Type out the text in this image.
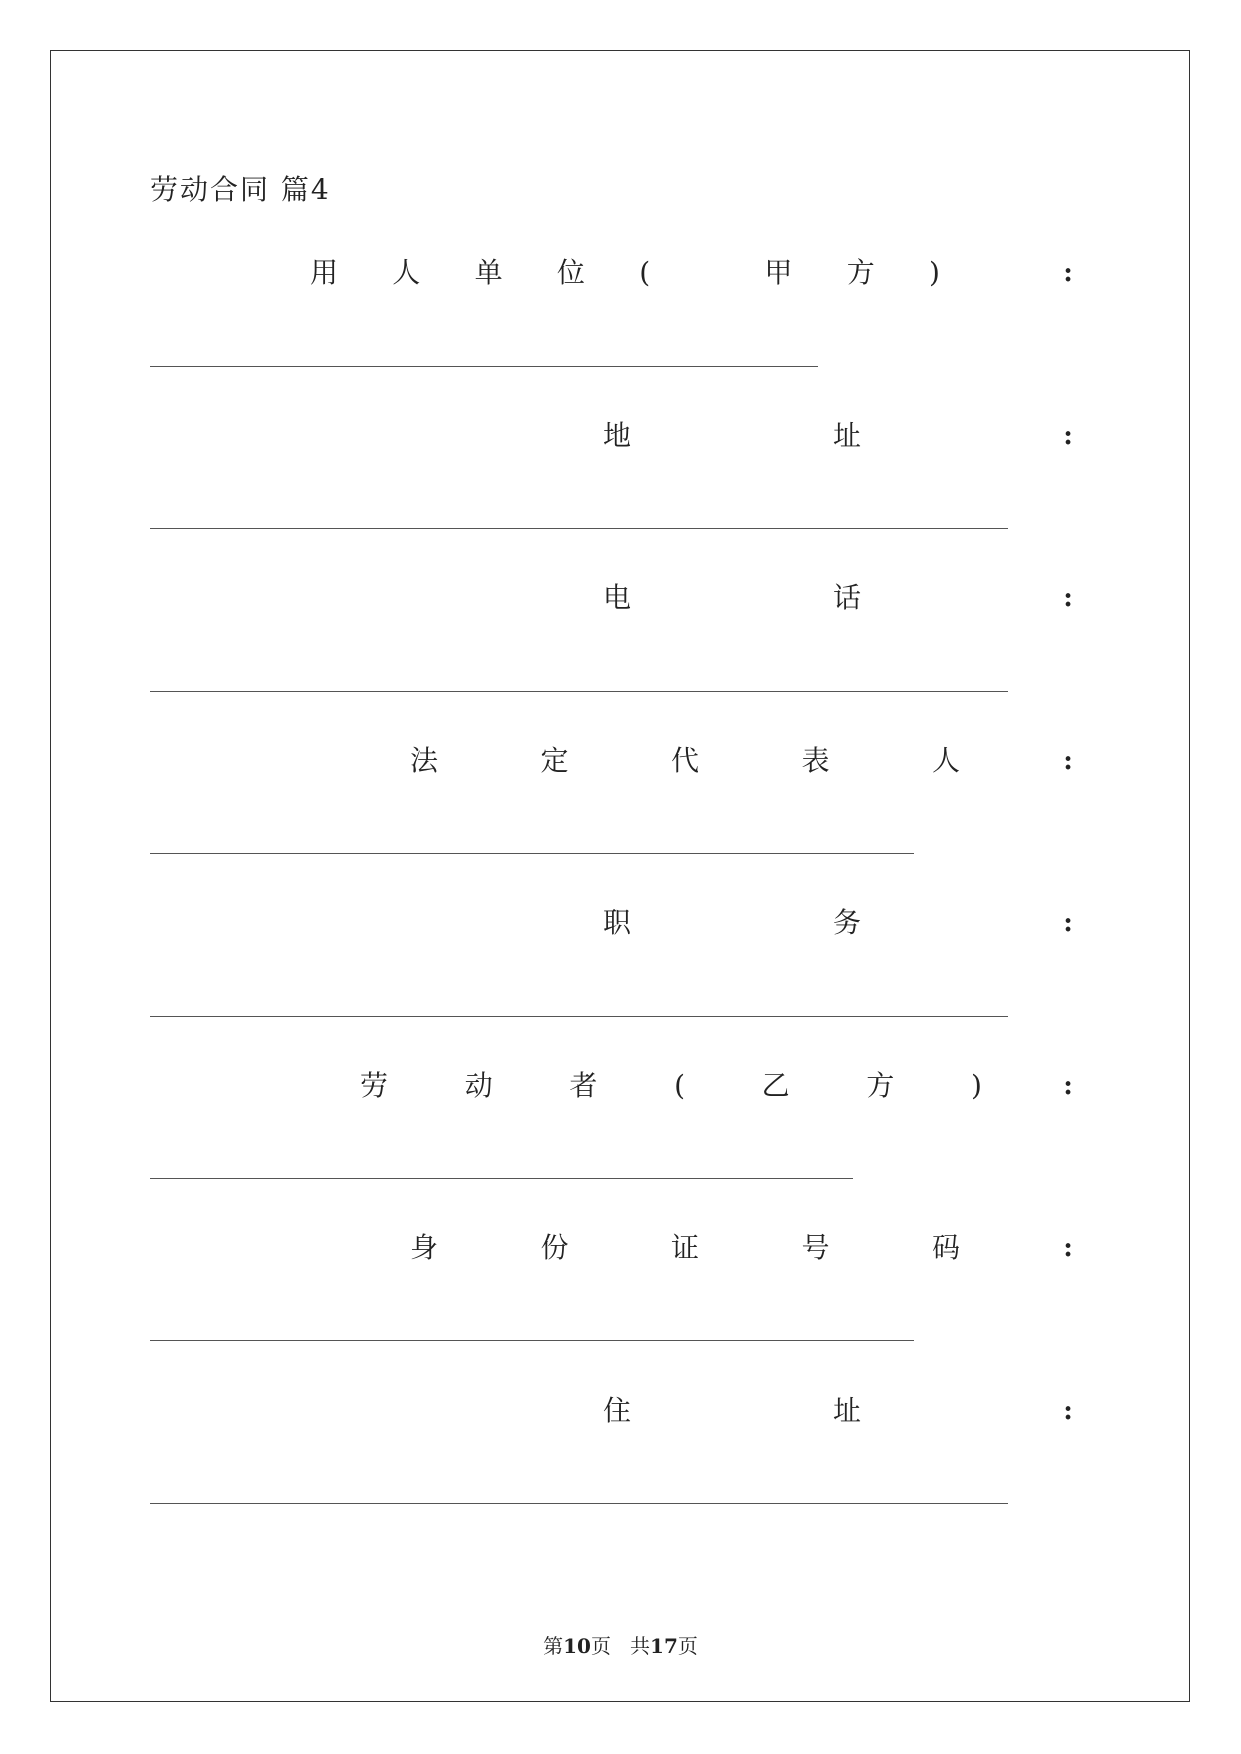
劳动合同 篇4
用 人 单 位 (	甲 方 )	:
地	址	:
电	话	:
法	定	代	表	人	:
职	务	:
劳	动	者	(	乙	方	)	:
身	份	证	号	码	:
住	址	:
第10页   共17页
